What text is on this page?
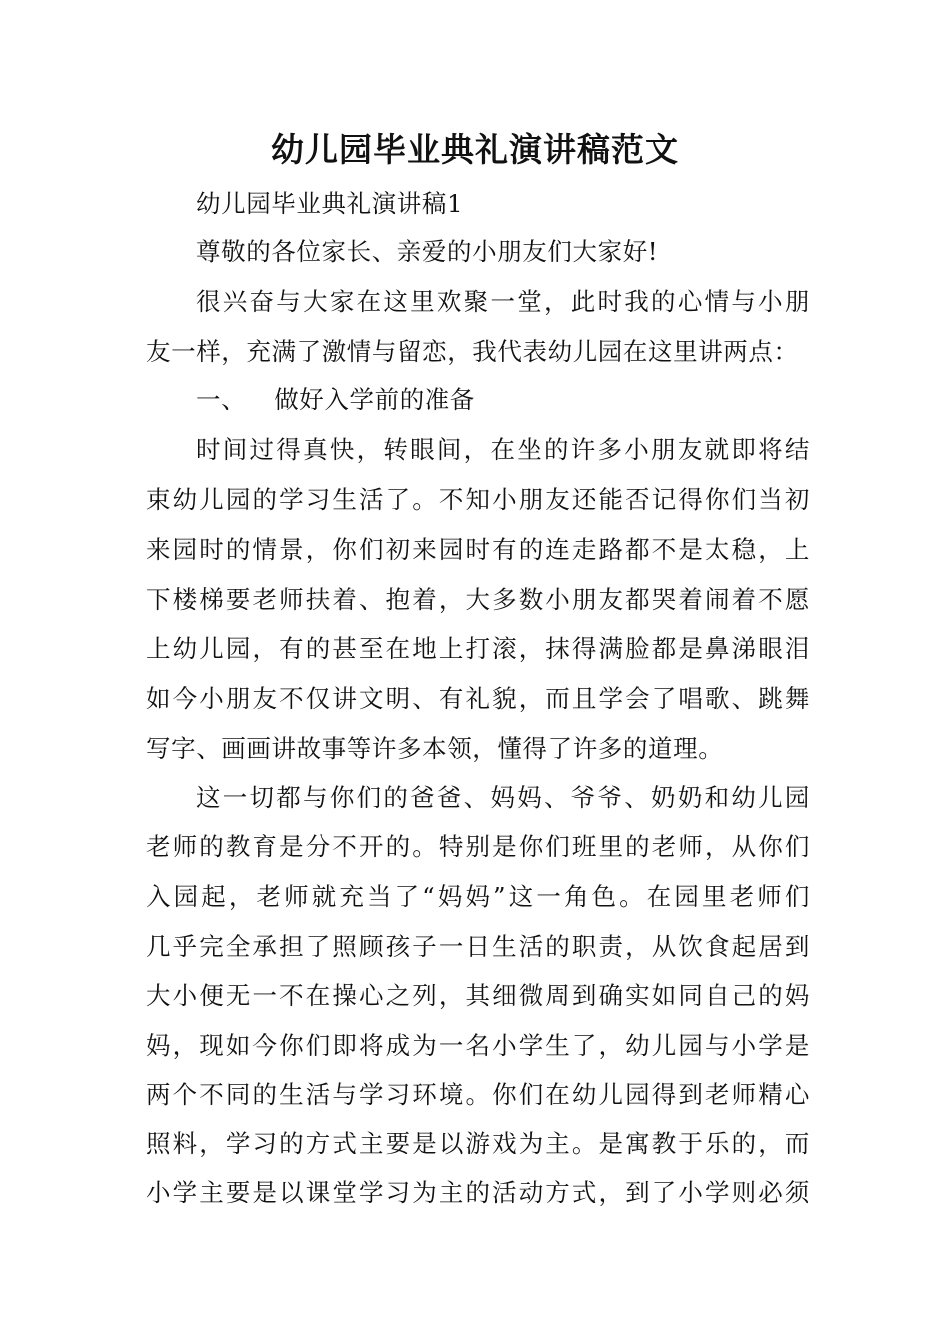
幼儿园毕业典礼演讲稿范文
幼儿园毕业典礼演讲稿1
尊敬的各位家长、亲爱的小朋友们大家好!
很兴奋与大家在这里欢聚一堂，此时我的心情与小朋
友一样，充满了激情与留恋，我代表幼儿园在这里讲两点：
一、 做好入学前的准备
时间过得真快，转眼间，在坐的许多小朋友就即将结
束幼儿园的学习生活了。不知小朋友还能否记得你们当初
来园时的情景，你们初来园时有的连走路都不是太稳，上
下楼梯要老师扶着、抱着，大多数小朋友都哭着闹着不愿
上幼儿园，有的甚至在地上打滚，抹得满脸都是鼻涕眼泪
如今小朋友不仅讲文明、有礼貌，而且学会了唱歌、跳舞
写字、画画讲故事等许多本领，懂得了许多的道理。
这一切都与你们的爸爸、妈妈、爷爷、奶奶和幼儿园
老师的教育是分不开的。特别是你们班里的老师，从你们
入园起，老师就充当了“妈妈”这一角色。在园里老师们
几乎完全承担了照顾孩子一日生活的职责，从饮食起居到
大小便无一不在操心之列，其细微周到确实如同自己的妈
妈，现如今你们即将成为一名小学生了，幼儿园与小学是
两个不同的生活与学习环境。你们在幼儿园得到老师精心
照料，学习的方式主要是以游戏为主。是寓教于乐的，而
小学主要是以课堂学习为主的活动方式，到了小学则必须
